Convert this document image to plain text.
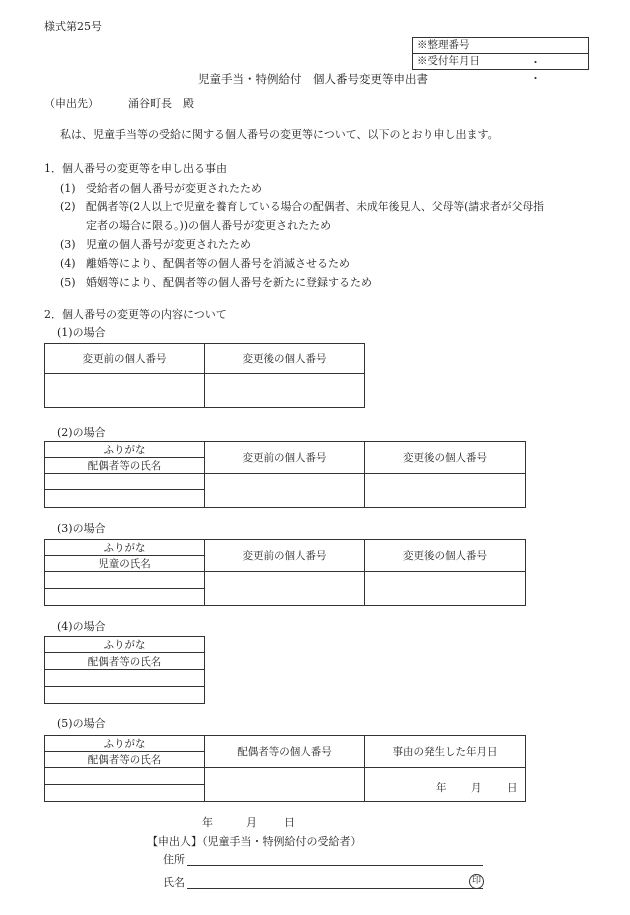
様式第25号
※整理番号
※受付年月日	・ ・
児童手当・特例給付　個人番号変更等申出書
（申出先）	涌谷町長　殿
私は、児童手当等の受給に関する個人番号の変更等について、以下のとおり申し出ます。
1．個人番号の変更等を申し出る事由
(1) 受給者の個人番号が変更されたため
(2) 配偶者等(2人以上で児童を養育している場合の配偶者、未成年後見人、父母等(請求者が父母指
定者の場合に限る。))の個人番号が変更されたため
(3) 児童の個人番号が変更されたため
(4) 離婚等により、配偶者等の個人番号を消滅させるため
(5) 婚姻等により、配偶者等の個人番号を新たに登録するため
2．個人番号の変更等の内容について
(1)の場合
変更前の個人番号	変更後の個人番号

(2)の場合
ふりがな	変更前の個人番号	変更後の個人番号
配偶者等の氏名		

(3)の場合
ふりがな	変更前の個人番号	変更後の個人番号
児童の氏名		

(4)の場合
ふりがな
配偶者等の氏名

(5)の場合
ふりがな	配偶者等の個人番号	事由の発生した年月日
配偶者等の氏名		

		年 月 日

年	月 日
【申出人】（児童手当・特例給付の受給者）
住所
氏名	印
